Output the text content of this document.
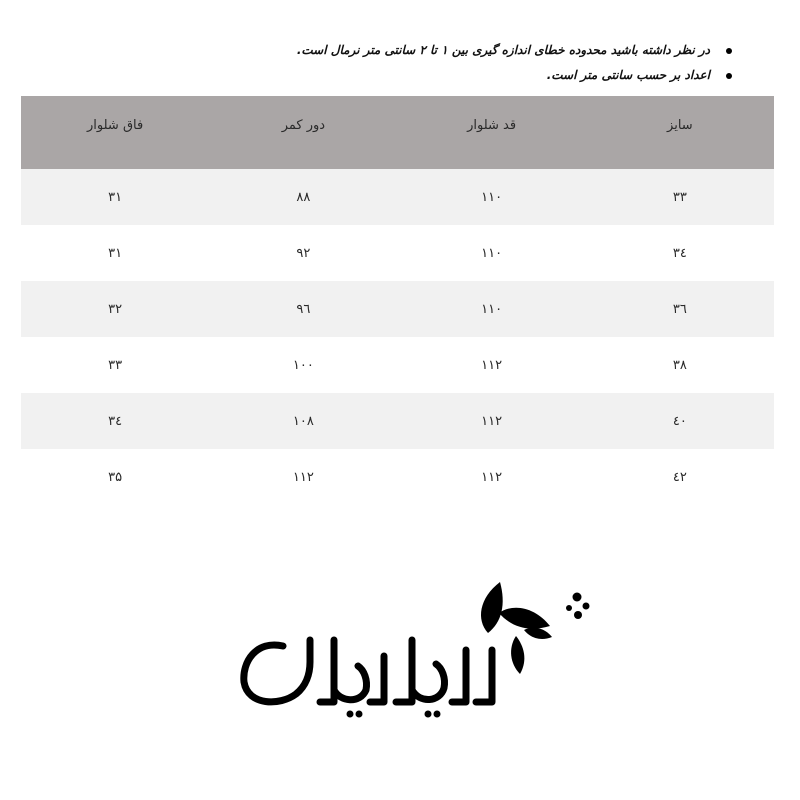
در نظر داشته باشید محدوده خطای اندازه گیری بین ۱ تا ۲ سانتی متر نرمال است.
اعداد بر حسب سانتی متر است.
سایز	قد شلوار	دور کمر	فاق شلوار
۳۳	۱۱۰	۸۸	۳۱
۳٤	۱۱۰	۹۲	۳۱
۳٦	۱۱۰	۹٦	۳۲
۳۸	۱۱۲	۱۰۰	۳۳
٤۰	۱۱۲	۱۰۸	۳٤
٤۲	۱۱۲	۱۱۲	۳۵
